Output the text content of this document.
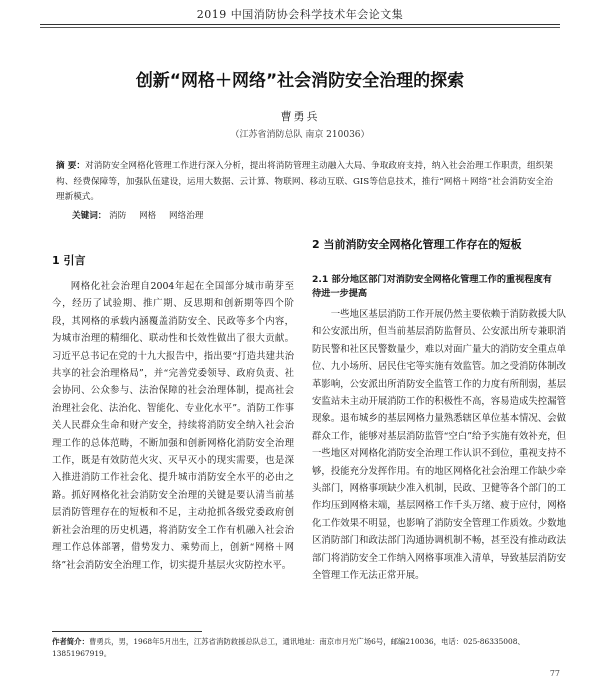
2019 中国消防协会科学技术年会论文集
创新“网格＋网络”社会消防安全治理的探索
曹勇兵
（江苏省消防总队 南京 210036）
摘 要：对消防安全网格化管理工作进行深入分析，提出将消防管理主动融入大局、争取政府支持，纳入社会治理工作职责，组织架构、经费保障等，加强队伍建设，运用大数据、云计算、物联网、移动互联、GIS等信息技术，推行“网格＋网络”社会消防安全治理新模式。
关键词： 消防 网格 网络治理
1 引言
网格化社会治理自2004年起在全国部分城市萌芽至今，经历了试验期、推广期、反思期和创新期等四个阶段，其网格的承载内涵覆盖消防安全、民政等多个内容，为城市治理的精细化、联动性和长效性做出了很大贡献。习近平总书记在党的十九大报告中，指出要“打造共建共治共享的社会治理格局”，并“完善党委领导、政府负责、社会协同、公众参与、法治保障的社会治理体制，提高社会治理社会化、法治化、智能化、专业化水平”。消防工作事关人民群众生命和财产安全，持续将消防安全纳入社会治理工作的总体范畴，不断加强和创新网格化消防安全治理工作，既是有效防范火灾、灭早灭小的现实需要，也是深入推进消防工作社会化、提升城市消防安全水平的必由之路。抓好网格化社会消防安全治理的关键是要认清当前基层消防管理存在的短板和不足，主动抢抓各级党委政府创新社会治理的历史机遇，将消防安全工作有机融入社会治理工作总体部署，借势发力、乘势而上，创新“网格＋网络”社会消防安全治理工作，切实提升基层火灾防控水平。
2 当前消防安全网格化管理工作存在的短板
2.1 部分地区部门对消防安全网格化管理工作的重视程度有待进一步提高
一些地区基层消防工作开展仍然主要依赖于消防救援大队和公安派出所，但当前基层消防监督员、公安派出所专兼职消防民警和社区民警数量少，难以对面广量大的消防安全重点单位、九小场所、居民住宅等实施有效监管。加之受消防体制改革影响，公安派出所消防安全监管工作的力度有所削弱，基层安监站未主动开展消防工作的积极性不高，容易造成失控漏管现象。退布城乡的基层网格力量熟悉辖区单位基本情况、会做群众工作，能够对基层消防监管“空白”给予实施有效补充，但一些地区对网格化消防安全治理工作认识不到位，重视支持不够，投能充分发挥作用。有的地区网格化社会治理工作缺少牵头部门，网格事项缺少准入机制，民政、卫健等各个部门的工作均压到网格末端，基层网格工作千头万绪、疲于应付，网格化工作效果不明显，也影响了消防安全管理工作质效。少数地区消防部门和政法部门沟通协调机制不畅，甚至没有推动政法部门将消防安全工作纳入网格事项准入清单，导致基层消防安全管理工作无法正常开展。
作者简介：曹勇兵，男，1968年5月出生，江苏省消防救援总队总工，通讯地址：南京市月光广场6号，邮编210036，电话：025-86335008、13851967919。
77
